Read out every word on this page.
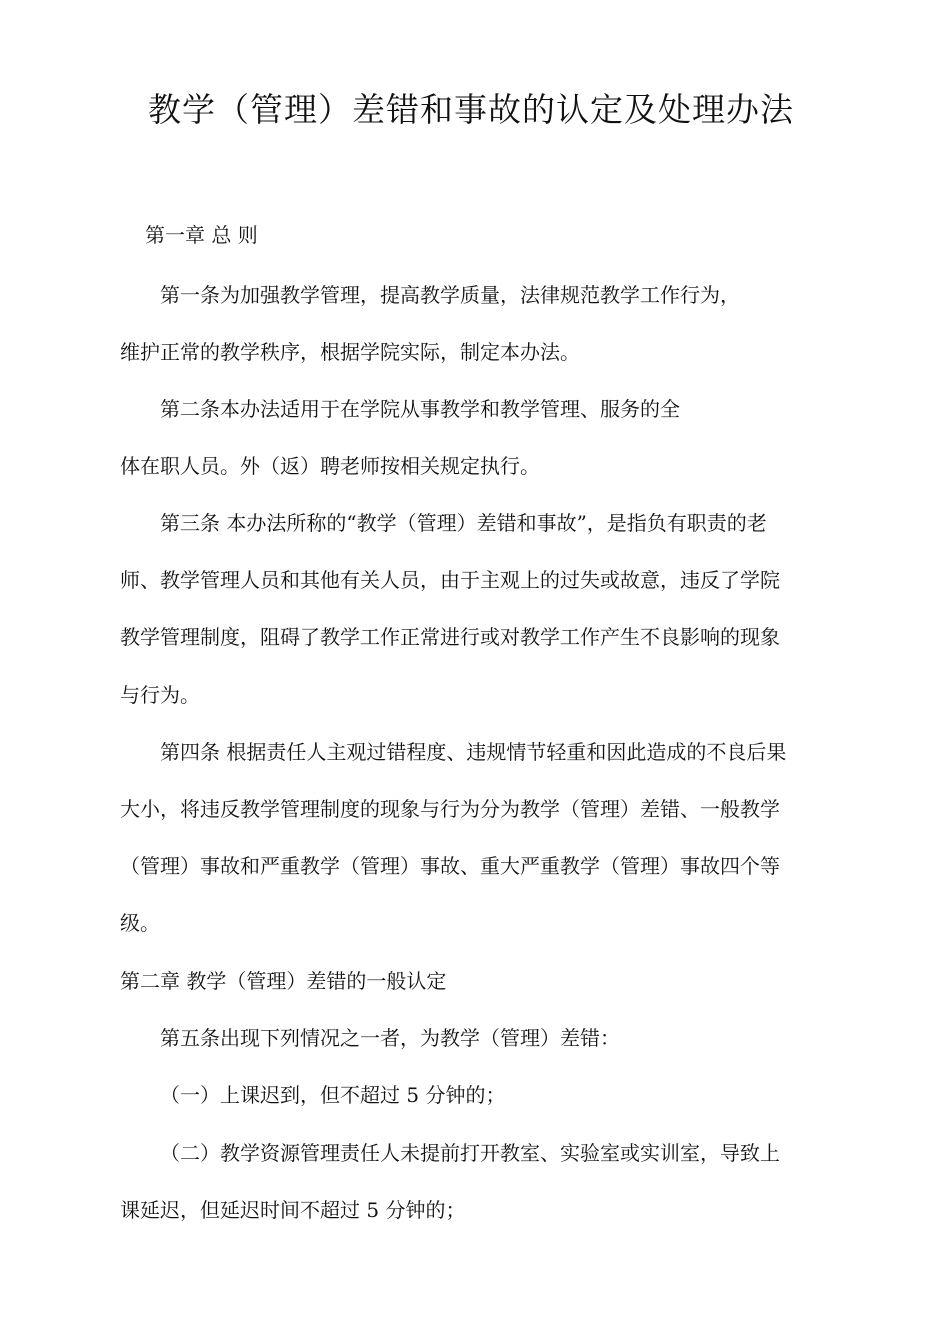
教学（管理）差错和事故的认定及处理办法
第一章 总 则
第一条为加强教学管理，提高教学质量，法律规范教学工作行为，
维护正常的教学秩序，根据学院实际，制定本办法。
第二条本办法适用于在学院从事教学和教学管理、服务的全
体在职人员。外（返）聘老师按相关规定执行。
第三条 本办法所称的“教学（管理）差错和事故”，是指负有职责的老
师、教学管理人员和其他有关人员，由于主观上的过失或故意，违反了学院
教学管理制度，阻碍了教学工作正常进行或对教学工作产生不良影响的现象
与行为。
第四条 根据责任人主观过错程度、违规情节轻重和因此造成的不良后果
大小，将违反教学管理制度的现象与行为分为教学（管理）差错、一般教学
（管理）事故和严重教学（管理）事故、重大严重教学（管理）事故四个等
级。
第二章 教学（管理）差错的一般认定
第五条出现下列情况之一者，为教学（管理）差错：
（一）上课迟到，但不超过 5 分钟的；
（二）教学资源管理责任人未提前打开教室、实验室或实训室，导致上
课延迟，但延迟时间不超过 5 分钟的；
